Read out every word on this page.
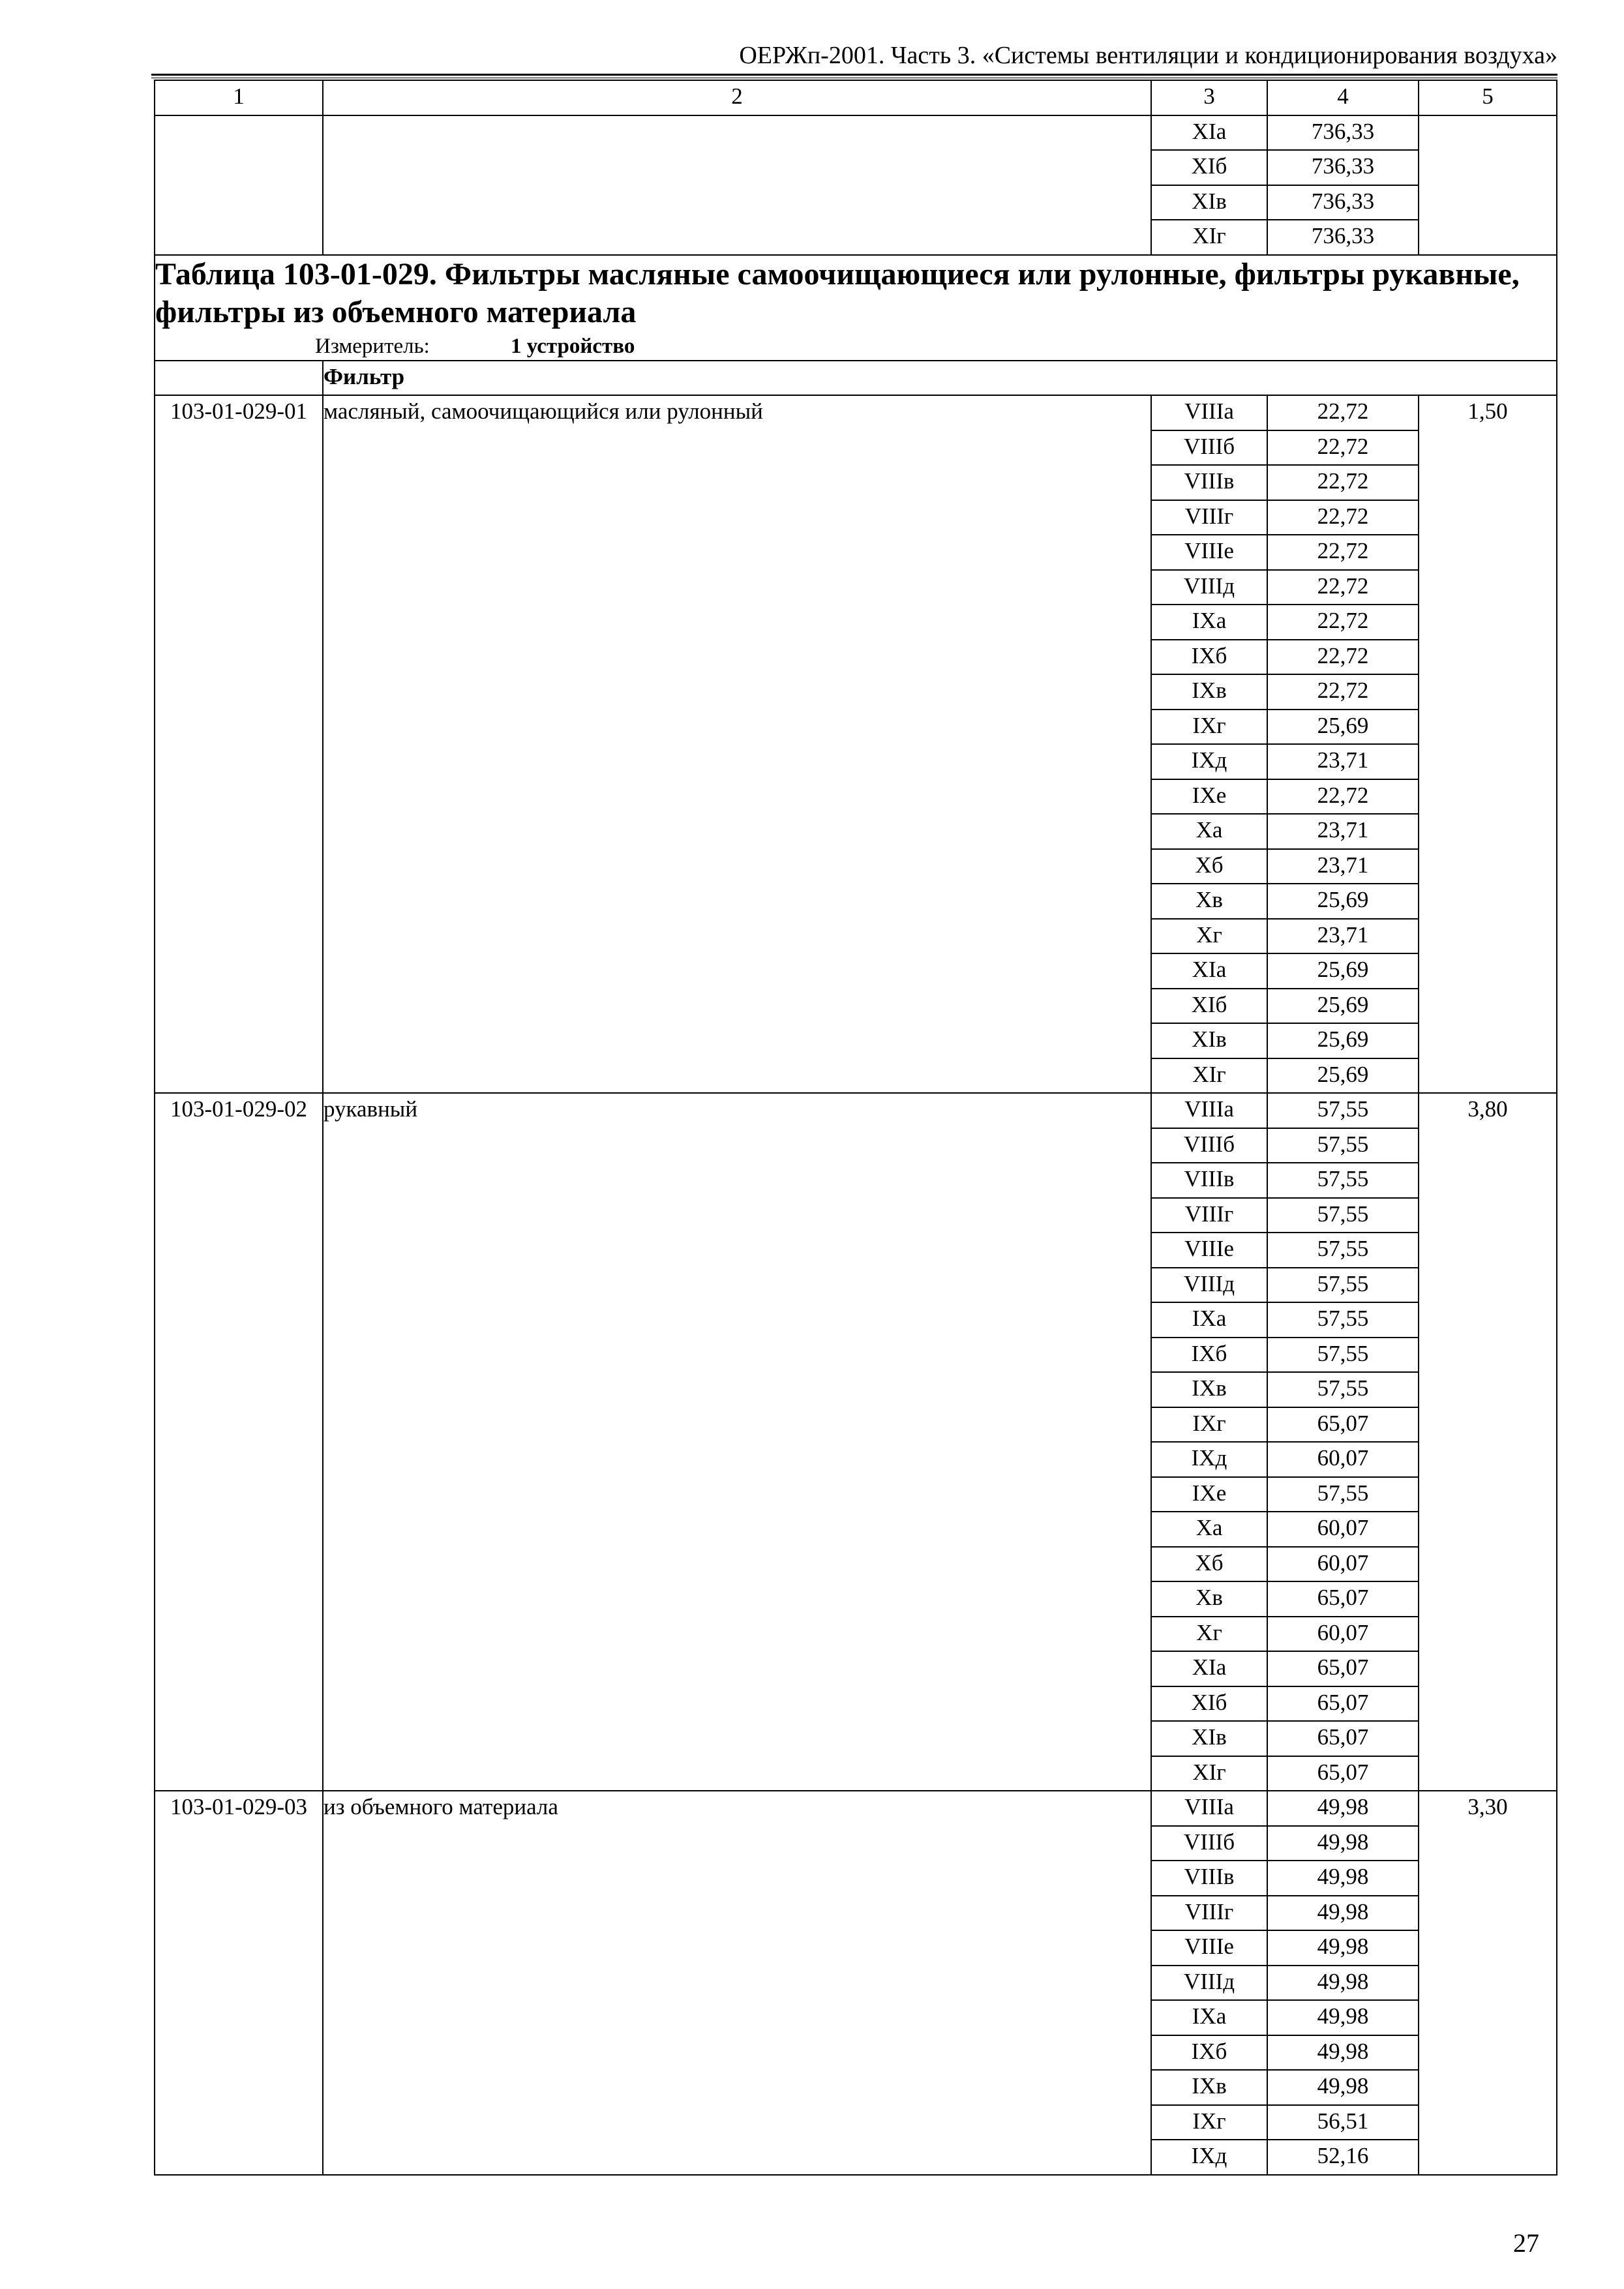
ОЕРЖп-2001. Часть 3. «Системы вентиляции и кондиционирования воздуха»
1	2	3	4	5
		XIа	736,33	
		XIб	736,33	
		XIв	736,33	
		XIг	736,33	

Таблица 103-01-029. Фильтры масляные самоочищающиеся или рулонные, фильтры рукавные, фильтры из объемного материала
Измеритель: 1 устройство				

	Фильтр			
103-01-029-01	масляный, самоочищающийся или рулонный	VIIIа	22,72	1,50
		VIIIб	22,72	
		VIIIв	22,72	
		VIIIг	22,72	
		VIIIе	22,72	
		VIIIд	22,72	
		IXа	22,72	
		IXб	22,72	
		IXв	22,72	
		IXг	25,69	
		IXд	23,71	
		IXе	22,72	
		Xа	23,71	
		Xб	23,71	
		Xв	25,69	
		Xг	23,71	
		XIа	25,69	
		XIб	25,69	
		XIв	25,69	
		XIг	25,69	
103-01-029-02	рукавный	VIIIа	57,55	3,80
		VIIIб	57,55	
		VIIIв	57,55	
		VIIIг	57,55	
		VIIIе	57,55	
		VIIIд	57,55	
		IXа	57,55	
		IXб	57,55	
		IXв	57,55	
		IXг	65,07	
		IXд	60,07	
		IXе	57,55	
		Xа	60,07	
		Xб	60,07	
		Xв	65,07	
		Xг	60,07	
		XIа	65,07	
		XIб	65,07	
		XIв	65,07	
		XIг	65,07	
103-01-029-03	из объемного материала	VIIIа	49,98	3,30
		VIIIб	49,98	
		VIIIв	49,98	
		VIIIг	49,98	
		VIIIе	49,98	
		VIIIд	49,98	
		IXа	49,98	
		IXб	49,98	
		IXв	49,98	
		IXг	56,51	
		IXд	52,16	
27
